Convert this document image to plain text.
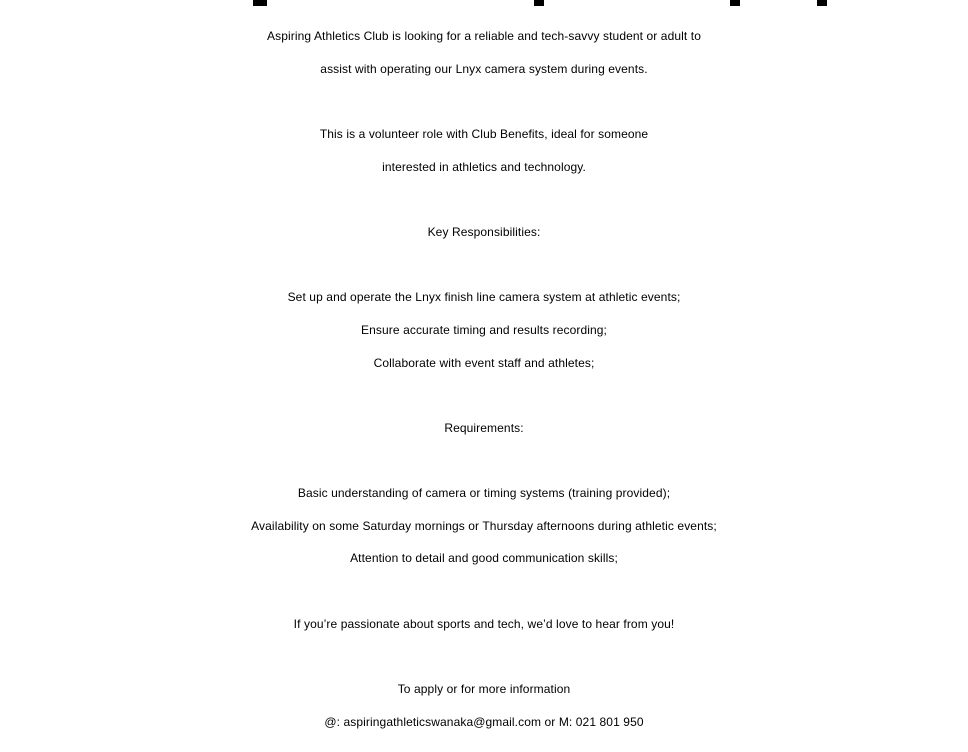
Aspiring Athletics Club is looking for a reliable and tech-savvy student or adult to
assist with operating our Lnyx camera system during events.
This is a volunteer role with Club Benefits, ideal for someone
interested in athletics and technology.
Key Responsibilities:
Set up and operate the Lnyx finish line camera system at athletic events;
Ensure accurate timing and results recording;
Collaborate with event staff and athletes;
Requirements:
Basic understanding of camera or timing systems (training provided);
Availability on some Saturday mornings or Thursday afternoons during athletic events;
Attention to detail and good communication skills;
If you’re passionate about sports and tech, we’d love to hear from you!
To apply or for more information
@: aspiringathleticswanaka@gmail.com or M: 021 801 950
